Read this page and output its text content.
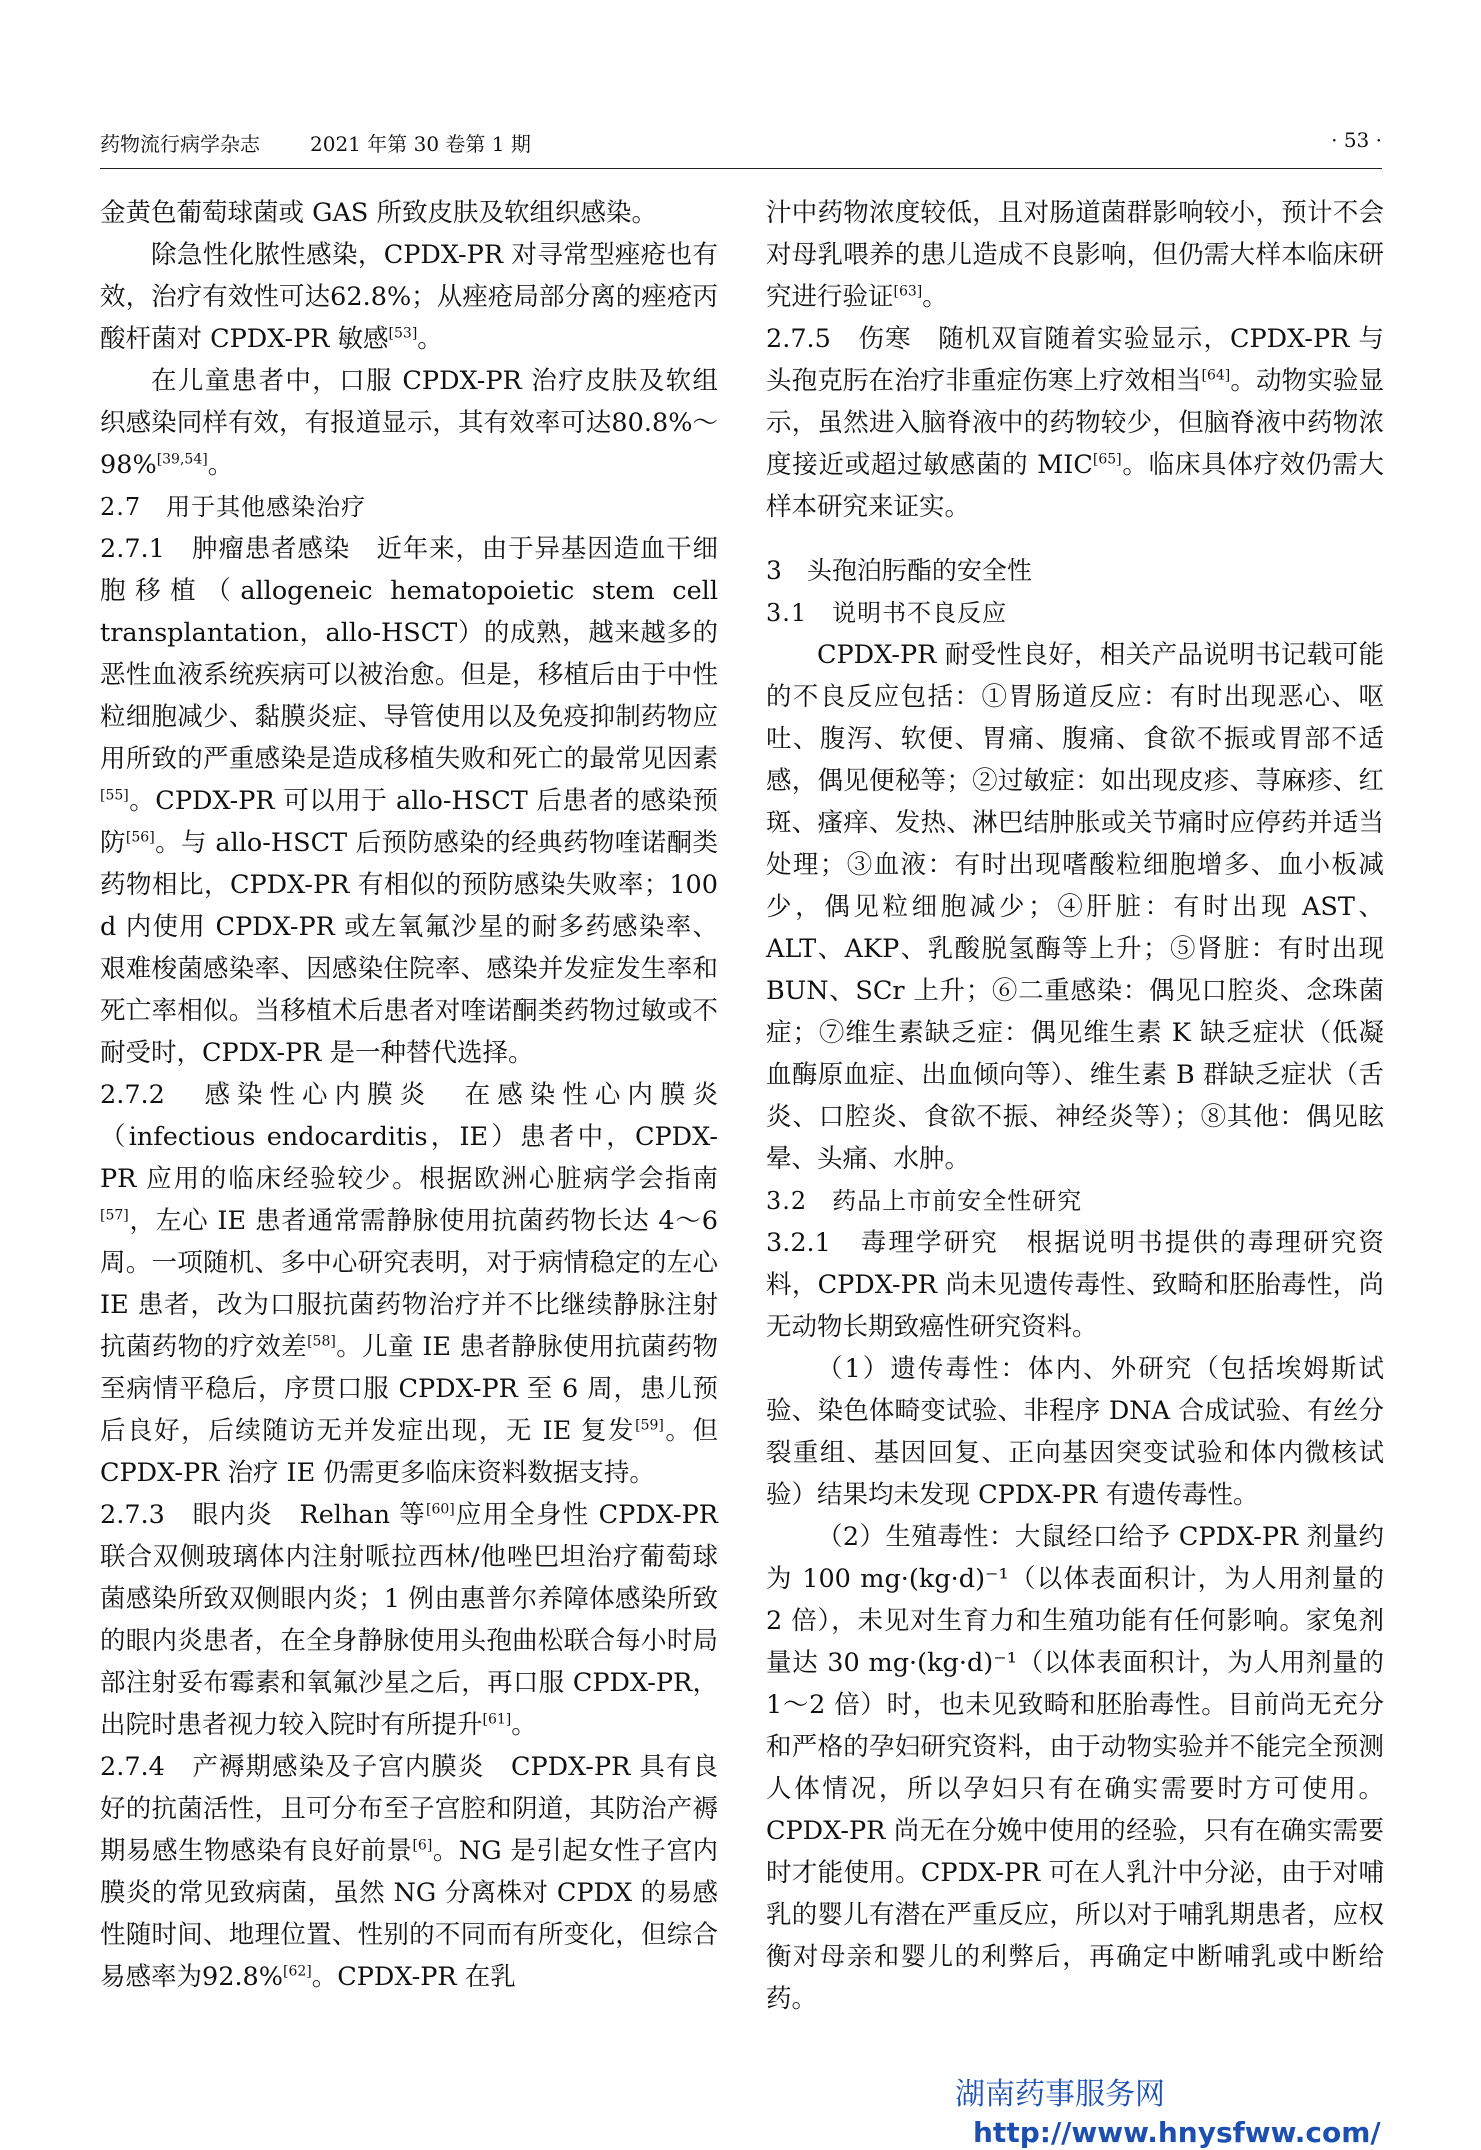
药物流行病学杂志	2021 年第 30 卷第 1 期	· 53 ·

金黄色葡萄球菌或 GAS 所致皮肤及软组织感染。

除急性化脓性感染，CPDX-PR 对寻常型痤疮也有效，治疗有效性可达62.8%；从痤疮局部分离的痤疮丙酸杆菌对 CPDX-PR 敏感[53]。

在儿童患者中，口服 CPDX-PR 治疗皮肤及软组织感染同样有效，有报道显示，其有效率可达80.8%～98%[39,54]。

2.7　用于其他感染治疗

2.7.1　肿瘤患者感染　近年来，由于异基因造血干细胞移植（allogeneic hematopoietic stem cell transplantation，allo-HSCT）的成熟，越来越多的恶性血液系统疾病可以被治愈。但是，移植后由于中性粒细胞减少、黏膜炎症、导管使用以及免疫抑制药物应用所致的严重感染是造成移植失败和死亡的最常见因素[55]。CPDX-PR 可以用于 allo-HSCT 后患者的感染预防[56]。与 allo-HSCT 后预防感染的经典药物喹诺酮类药物相比，CPDX-PR 有相似的预防感染失败率；100 d 内使用 CPDX-PR 或左氧氟沙星的耐多药感染率、艰难梭菌感染率、因感染住院率、感染并发症发生率和死亡率相似。当移植术后患者对喹诺酮类药物过敏或不耐受时，CPDX-PR 是一种替代选择。

2.7.2　感染性心内膜炎　在感染性心内膜炎（infectious endocarditis，IE）患者中，CPDX-PR 应用的临床经验较少。根据欧洲心脏病学会指南[57]，左心 IE 患者通常需静脉使用抗菌药物长达 4～6 周。一项随机、多中心研究表明，对于病情稳定的左心 IE 患者，改为口服抗菌药物治疗并不比继续静脉注射抗菌药物的疗效差[58]。儿童 IE 患者静脉使用抗菌药物至病情平稳后，序贯口服 CPDX-PR 至 6 周，患儿预后良好，后续随访无并发症出现，无 IE 复发[59]。但 CPDX-PR 治疗 IE 仍需更多临床资料数据支持。

2.7.3　眼内炎　Relhan 等[60]应用全身性 CPDX-PR 联合双侧玻璃体内注射哌拉西林/他唑巴坦治疗葡萄球菌感染所致双侧眼内炎；1 例由惠普尔养障体感染所致的眼内炎患者，在全身静脉使用头孢曲松联合每小时局部注射妥布霉素和氧氟沙星之后，再口服 CPDX-PR，出院时患者视力较入院时有所提升[61]。

2.7.4　产褥期感染及子宫内膜炎　CPDX-PR 具有良好的抗菌活性，且可分布至子宫腔和阴道，其防治产褥期易感生物感染有良好前景[6]。NG 是引起女性子宫内膜炎的常见致病菌，虽然 NG 分离株对 CPDX 的易感性随时间、地理位置、性别的不同而有所变化，但综合易感率为92.8%[62]。CPDX-PR 在乳

汁中药物浓度较低，且对肠道菌群影响较小，预计不会对母乳喂养的患儿造成不良影响，但仍需大样本临床研究进行验证[63]。

2.7.5　伤寒　随机双盲随着实验显示，CPDX-PR 与头孢克肟在治疗非重症伤寒上疗效相当[64]。动物实验显示，虽然进入脑脊液中的药物较少，但脑脊液中药物浓度接近或超过敏感菌的 MIC[65]。临床具体疗效仍需大样本研究来证实。

3　头孢泊肟酯的安全性

3.1　说明书不良反应

CPDX-PR 耐受性良好，相关产品说明书记载可能的不良反应包括：①胃肠道反应：有时出现恶心、呕吐、腹泻、软便、胃痛、腹痛、食欲不振或胃部不适感，偶见便秘等；②过敏症：如出现皮疹、荨麻疹、红斑、瘙痒、发热、淋巴结肿胀或关节痛时应停药并适当处理；③血液：有时出现嗜酸粒细胞增多、血小板减少，偶见粒细胞减少；④肝脏：有时出现 AST、ALT、AKP、乳酸脱氢酶等上升；⑤肾脏：有时出现 BUN、SCr 上升；⑥二重感染：偶见口腔炎、念珠菌症；⑦维生素缺乏症：偶见维生素 K 缺乏症状（低凝血酶原血症、出血倾向等）、维生素 B 群缺乏症状（舌炎、口腔炎、食欲不振、神经炎等）；⑧其他：偶见眩晕、头痛、水肿。

3.2　药品上市前安全性研究

3.2.1　毒理学研究　根据说明书提供的毒理研究资料，CPDX-PR 尚未见遗传毒性、致畸和胚胎毒性，尚无动物长期致癌性研究资料。

（1）遗传毒性：体内、外研究（包括埃姆斯试验、染色体畸变试验、非程序 DNA 合成试验、有丝分裂重组、基因回复、正向基因突变试验和体内微核试验）结果均未发现 CPDX-PR 有遗传毒性。

（2）生殖毒性：大鼠经口给予 CPDX-PR 剂量约为 100 mg·(kg·d)⁻¹（以体表面积计，为人用剂量的 2 倍），未见对生育力和生殖功能有任何影响。家兔剂量达 30 mg·(kg·d)⁻¹（以体表面积计，为人用剂量的 1～2 倍）时，也未见致畸和胚胎毒性。目前尚无充分和严格的孕妇研究资料，由于动物实验并不能完全预测人体情况，所以孕妇只有在确实需要时方可使用。CPDX-PR 尚无在分娩中使用的经验，只有在确实需要时才能使用。CPDX-PR 可在人乳汁中分泌，由于对哺乳的婴儿有潜在严重反应，所以对于哺乳期患者，应权衡对母亲和婴儿的利弊后，再确定中断哺乳或中断给药。

湖南药事服务网
http://www.hnysfww.com/
